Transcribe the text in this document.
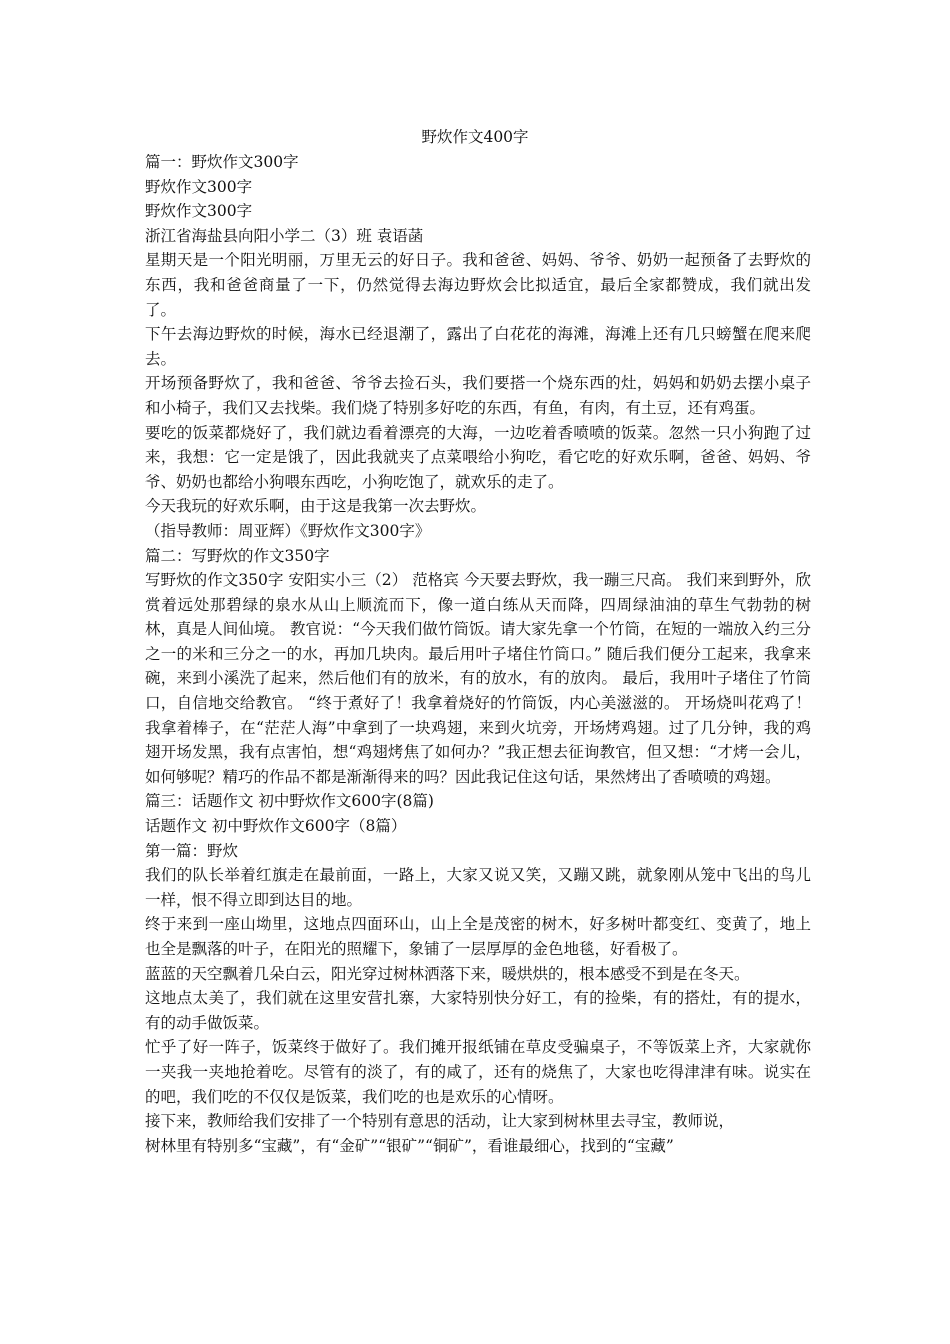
野炊作文400字

篇一：野炊作文300字

野炊作文300字

野炊作文300字

浙江省海盐县向阳小学二（3）班 袁语菡

星期天是一个阳光明丽，万里无云的好日子。我和爸爸、妈妈、爷爷、奶奶一起预备了去野炊的东西，我和爸爸商量了一下，仍然觉得去海边野炊会比拟适宜，最后全家都赞成，我们就出发了。

下午去海边野炊的时候，海水已经退潮了，露出了白花花的海滩，海滩上还有几只螃蟹在爬来爬去。

开场预备野炊了，我和爸爸、爷爷去捡石头，我们要搭一个烧东西的灶，妈妈和奶奶去摆小桌子和小椅子，我们又去找柴。我们烧了特别多好吃的东西，有鱼，有肉，有土豆，还有鸡蛋。

要吃的饭菜都烧好了，我们就边看着漂亮的大海，一边吃着香喷喷的饭菜。忽然一只小狗跑了过来，我想：它一定是饿了，因此我就夹了点菜喂给小狗吃，看它吃的好欢乐啊，爸爸、妈妈、爷爷、奶奶也都给小狗喂东西吃，小狗吃饱了，就欢乐的走了。

今天我玩的好欢乐啊，由于这是我第一次去野炊。

（指导教师：周亚辉）《野炊作文300字》

篇二：写野炊的作文350字

写野炊的作文350字 安阳实小三（2） 范格宾 今天要去野炊，我一蹦三尺高。 我们来到野外，欣赏着远处那碧绿的泉水从山上顺流而下，像一道白练从天而降，四周绿油油的草生气勃勃的树林，真是人间仙境。 教官说：“今天我们做竹筒饭。请大家先拿一个竹筒，在短的一端放入约三分之一的米和三分之一的水，再加几块肉。最后用叶子堵住竹筒口。” 随后我们便分工起来，我拿来碗，来到小溪洗了起来，然后他们有的放米，有的放水，有的放肉。 最后，我用叶子堵住了竹筒口，自信地交给教官。 “终于煮好了！我拿着烧好的竹筒饭，内心美滋滋的。 开场烧叫花鸡了！我拿着棒子，在“茫茫人海”中拿到了一块鸡翅，来到火坑旁，开场烤鸡翅。过了几分钟，我的鸡翅开场发黑，我有点害怕，想“鸡翅烤焦了如何办？”我正想去征询教官，但又想：“才烤一会儿，如何够呢？精巧的作品不都是渐渐得来的吗？因此我记住这句话，果然烤出了香喷喷的鸡翅。

篇三：话题作文 初中野炊作文600字(8篇)

话题作文 初中野炊作文600字（8篇）

第一篇：野炊

我们的队长举着红旗走在最前面，一路上，大家又说又笑，又蹦又跳，就象刚从笼中飞出的鸟儿一样，恨不得立即到达目的地。

终于来到一座山坳里，这地点四面环山，山上全是茂密的树木，好多树叶都变红、变黄了，地上也全是飘落的叶子，在阳光的照耀下，象铺了一层厚厚的金色地毯，好看极了。

蓝蓝的天空飘着几朵白云，阳光穿过树林洒落下来，暖烘烘的，根本感受不到是在冬天。

这地点太美了，我们就在这里安营扎寨，大家特别快分好工，有的捡柴，有的搭灶，有的提水，有的动手做饭菜。

忙乎了好一阵子，饭菜终于做好了。我们摊开报纸铺在草皮受骗桌子，不等饭菜上齐，大家就你一夹我一夹地抢着吃。尽管有的淡了，有的咸了，还有的烧焦了，大家也吃得津津有味。说实在的吧，我们吃的不仅仅是饭菜，我们吃的也是欢乐的心情呀。

接下来，教师给我们安排了一个特别有意思的活动，让大家到树林里去寻宝，教师说，

树林里有特别多“宝藏”，有“金矿”“银矿”“铜矿”，看谁最细心，找到的“宝藏”
